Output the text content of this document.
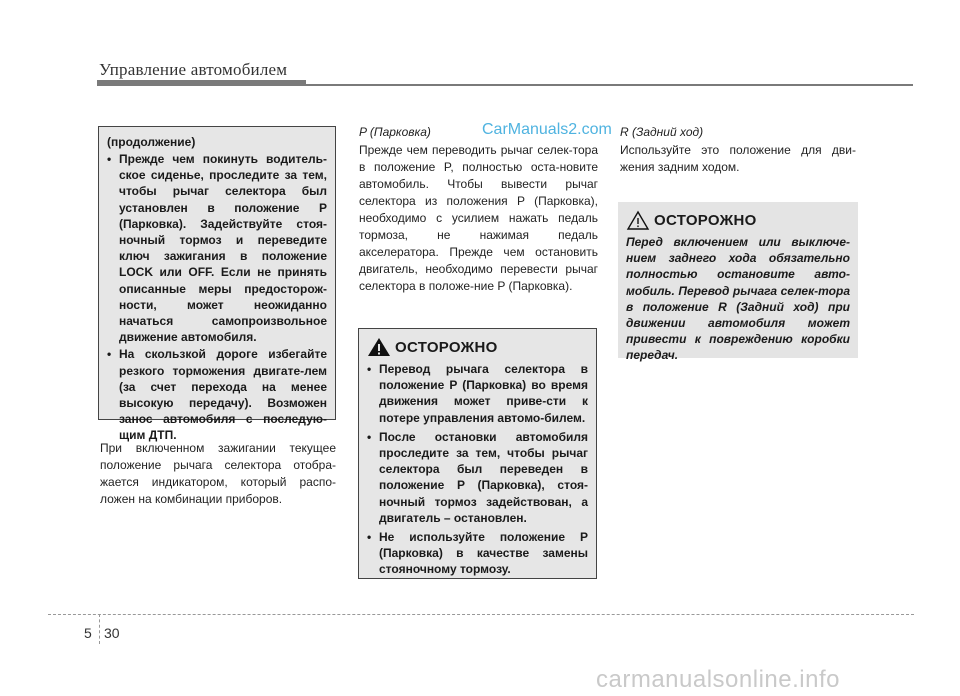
Управление автомобилем
CarManuals2.com
(продолжение)
• Прежде чем покинуть водитель-ское сиденье, проследите за тем, чтобы рычаг селектора был установлен в положение P (Парковка). Задействуйте стоя-ночный тормоз и переведите ключ зажигания в положение LOCK или OFF. Если не принять описанные меры предосторож-ности, может неожиданно начаться самопроизвольное движение автомобиля.
• На скользкой дороге избегайте резкого торможения двигате-лем (за счет перехода на менее высокую передачу). Возможен занос автомобиля с последую-щим ДТП.
При включенном зажигании текущее положение рычага селектора отобра-жается индикатором, который распо-ложен на комбинации приборов.
P (Парковка)
Прежде чем переводить рычаг селек-тора в положение P, полностью оста-новите автомобиль. Чтобы вывести рычаг селектора из положения P (Парковка), необходимо с усилием нажать педаль тормоза, не нажимая педаль акселератора. Прежде чем остановить двигатель, необходимо перевести рычаг селектора в положе-ние P (Парковка).
ОСТОРОЖНО
• Перевод рычага селектора в положение P (Парковка) во время движения может приве-сти к потере управления автомо-билем.
• После остановки автомобиля проследите за тем, чтобы рычаг селектора был переведен в положение P (Парковка), стоя-ночный тормоз задействован, а двигатель – остановлен.
• Не используйте положение P (Парковка) в качестве замены стояночному тормозу.
R (Задний ход)
Используйте это положение для дви-жения задним ходом.
ОСТОРОЖНО
Перед включением или выключе-нием заднего хода обязательно полностью остановите авто-мобиль. Перевод рычага селек-тора в положение R (Задний ход) при движении автомобиля может привести к повреждению коробки передач.
5 30
carmanualsonline.info
